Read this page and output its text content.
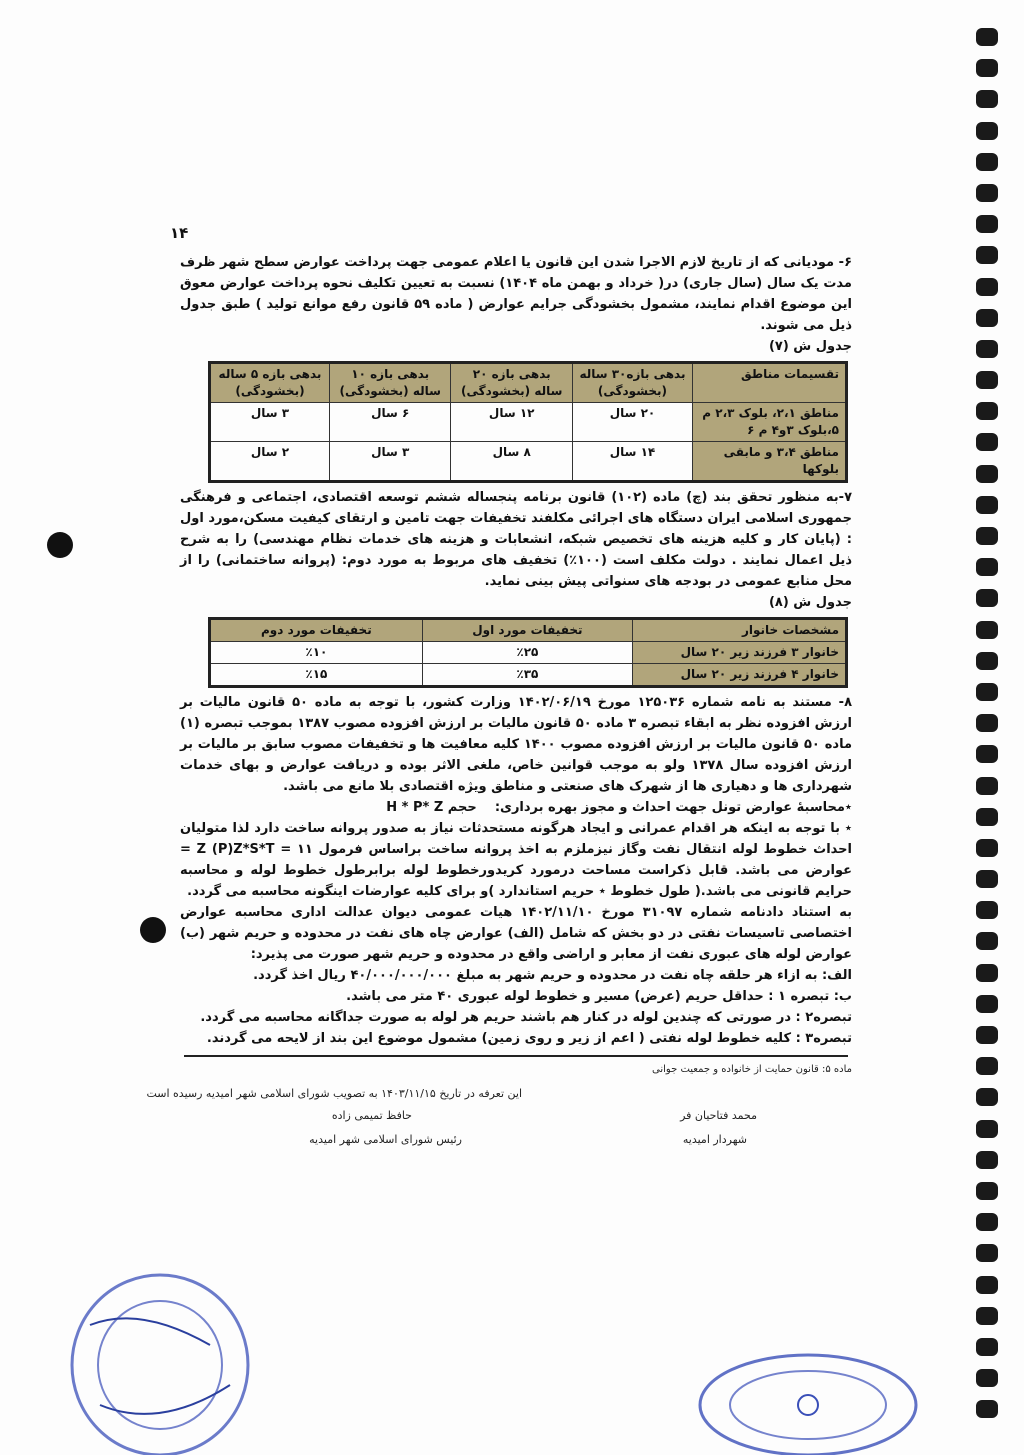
۱۴
۶- مودیانی که از تاریخ لازم الاجرا شدن این قانون یا اعلام عمومی جهت پرداخت عوارض سطح شهر ظرف مدت یک سال (سال جاری) در( خرداد و بهمن ماه ۱۴۰۴) نسبت به تعیین تکلیف نحوه پرداخت عوارض معوق این موضوع اقدام نمایند، مشمول بخشودگی جرایم عوارض ( ماده ۵۹ قانون رفع موانع تولید ) طبق جدول ذیل می شوند.
جدول ش (۷)
تقسیمات مناطق	بدهی بازه۳۰ ساله (بخشودگی)	بدهی بازه ۲۰ ساله (بخشودگی)	بدهی بازه ۱۰ ساله (بخشودگی)	بدهی بازه ۵ ساله (بخشودگی)
مناطق ۲،۱، بلوک ۲،۳ م ۵،بلوک ۳و۴ م ۶	۲۰ سال	۱۲ سال	۶ سال	۳ سال
مناطق ۳،۴ و مابقی بلوکها	۱۴ سال	۸ سال	۳ سال	۲ سال
۷-به منظور تحقق بند (چ) ماده (۱۰۲) قانون برنامه پنجساله ششم توسعه اقتصادی، اجتماعی و فرهنگی جمهوری اسلامی ایران دستگاه های اجرائی مکلفند تخفیفات جهت تامین و ارتقای کیفیت مسکن،مورد اول : (پایان کار و کلیه هزینه های تخصیص شبکه، انشعابات و هزینه های خدمات نظام مهندسی) را به شرح ذیل اعمال نمایند . دولت مکلف است (۱۰۰٪) تخفیف های مربوط به مورد دوم: (پروانه ساختمانی) را از محل منابع عمومی در بودجه های سنواتی پیش بینی نماید.
جدول ش (۸)
مشخصات خانوار	تخفیفات مورد اول	تخفیفات مورد دوم
خانوار ۳ فرزند زیر ۲۰ سال	٪۲۵	٪۱۰
خانوار ۴ فرزند زیر ۲۰ سال	٪۳۵	٪۱۵
۸- مستند به نامه شماره ۱۲۵۰۳۶ مورخ ۱۴۰۲/۰۶/۱۹ وزارت کشور، با توجه به ماده ۵۰ قانون مالیات بر ارزش افزوده نظر به ابقاء تبصره ۳ ماده ۵۰ قانون مالیات بر ارزش افزوده مصوب ۱۳۸۷ بموجب تبصره (۱) ماده ۵۰ قانون مالیات بر ارزش افزوده مصوب ۱۴۰۰ کلیه معافیت ها و تخفیفات مصوب سابق بر مالیات بر ارزش افزوده سال ۱۳۷۸ ولو به موجب قوانین خاص، ملغی الاثر بوده و دریافت عوارض و بهای خدمات شهرداری ها و دهیاری ها از شهرک های صنعتی و مناطق ویژه اقتصادی بلا مانع می باشد.
٭محاسبهٔ عوارض تونل جهت احداث و مجوز بهره برداری:    H * P* Z حجم
٭ با توجه به اینکه هر اقدام عمرانی و ایجاد هرگونه مستحدثات نیاز به صدور پروانه ساخت دارد لذا متولیان احداث خطوط لوله انتقال نفت وگاز نیزملزم به اخذ پروانه ساخت براساس فرمول ۱۱ = Z (P)Z*S*T = عوارض می باشد. قابل ذکراست مساحت درمورد کریدورخطوط لوله برابرطول خطوط لوله و محاسبه حرایم قانونی می باشد.( طول خطوط ٭ حریم استاندارد )و برای کلیه عوارضات اینگونه محاسبه می گردد.
به استناد دادنامه شماره ۳۱۰۹۷ مورخ ۱۴۰۲/۱۱/۱۰ هیات عمومی دیوان عدالت اداری محاسبه عوارض اختصاصی تاسیسات نفتی در دو بخش که شامل (الف) عوارض چاه های نفت در محدوده و حریم شهر (ب) عوارض لوله های عبوری نفت از معابر و اراضی واقع در محدوده و حریم شهر صورت می پذیرد:
الف: به ازاء هر حلقه چاه نفت در محدوده و حریم شهر به مبلغ ۴۰/۰۰۰/۰۰۰/۰۰۰ ریال اخذ گردد.
ب: تبصره ۱ : حداقل حریم (عرض) مسیر و خطوط لوله عبوری ۴۰ متر می باشد.
تبصره۲ : در صورتی که چندین لوله در کنار هم باشند حریم هر لوله به صورت جداگانه محاسبه می گردد.
تبصره۳ : کلیه خطوط لوله نفتی ( اعم از زیر و روی زمین) مشمول موضوع این بند از لایحه می گردند.
ماده ۵: قانون حمایت از خانواده و جمعیت جوانی
این تعرفه در تاریخ ۱۴۰۳/۱۱/۱۵ به تصویب شورای اسلامی شهر امیدیه رسیده است
حافظ تمیمی زاده
رئیس شورای اسلامی شهر امیدیه
محمد فتاحیان فر
شهردار امیدیه
